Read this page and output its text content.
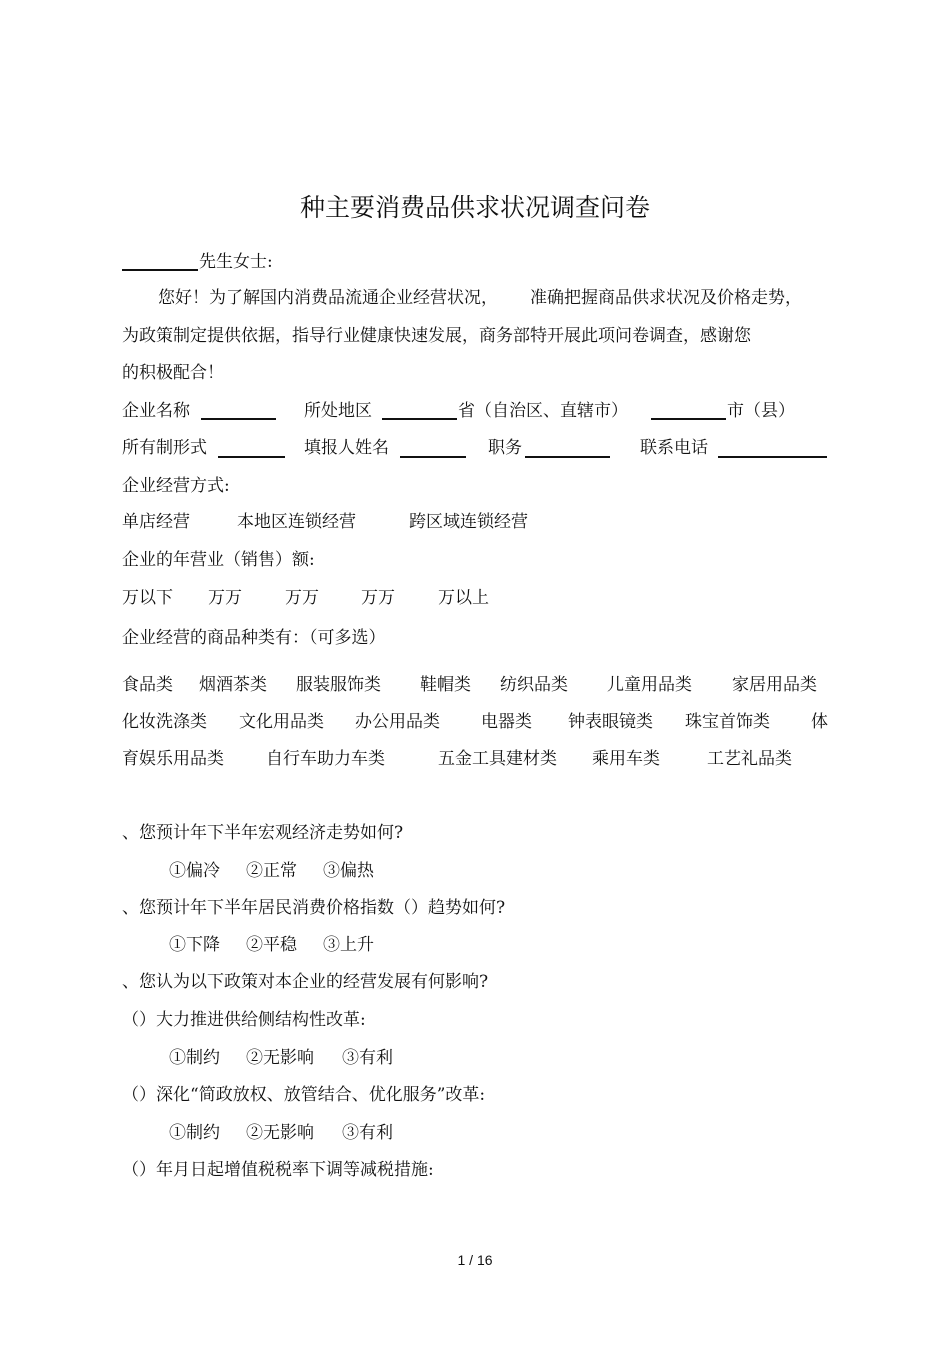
种主要消费品供求状况调查问卷
先生女士:
您好！为了解国内消费品流通企业经营状况， 准确把握商品供求状况及价格走势，
为政策制定提供依据，指导行业健康快速发展，商务部特开展此项问卷调查，感谢您
的积极配合！
企业名称	所处地区	省（自治区、直辖市）	市（县）
所有制形式	填报人姓名	职务	联系电话
企业经营方式:
单店经营	本地区连锁经营	跨区域连锁经营
企业的年营业（销售）额:
万以下 万万	万万 万万	万以上
企业经营的商品种类有：（可多选）
食品类 烟酒茶类 服装服饰类 鞋帽类 纺织品类 儿童用品类 家居用品类
化妆洗涤类 文化用品类 办公用品类 电器类 钟表眼镜类 珠宝首饰类 体
育娱乐用品类 自行车助力车类	五金工具建材类 乘用车类	工艺礼品类
、您预计年下半年宏观经济走势如何?
①偏冷 ②正常 ③偏热
、您预计年下半年居民消费价格指数（）趋势如何?
①下降 ②平稳 ③上升
、您认为以下政策对本企业的经营发展有何影响?
（）大力推进供给侧结构性改革:
①制约 ②无影响 ③有利
（）深化“简政放权、放管结合、优化服务”改革:
①制约 ②无影响 ③有利
（）年月日起增值税税率下调等减税措施:
1 / 16
